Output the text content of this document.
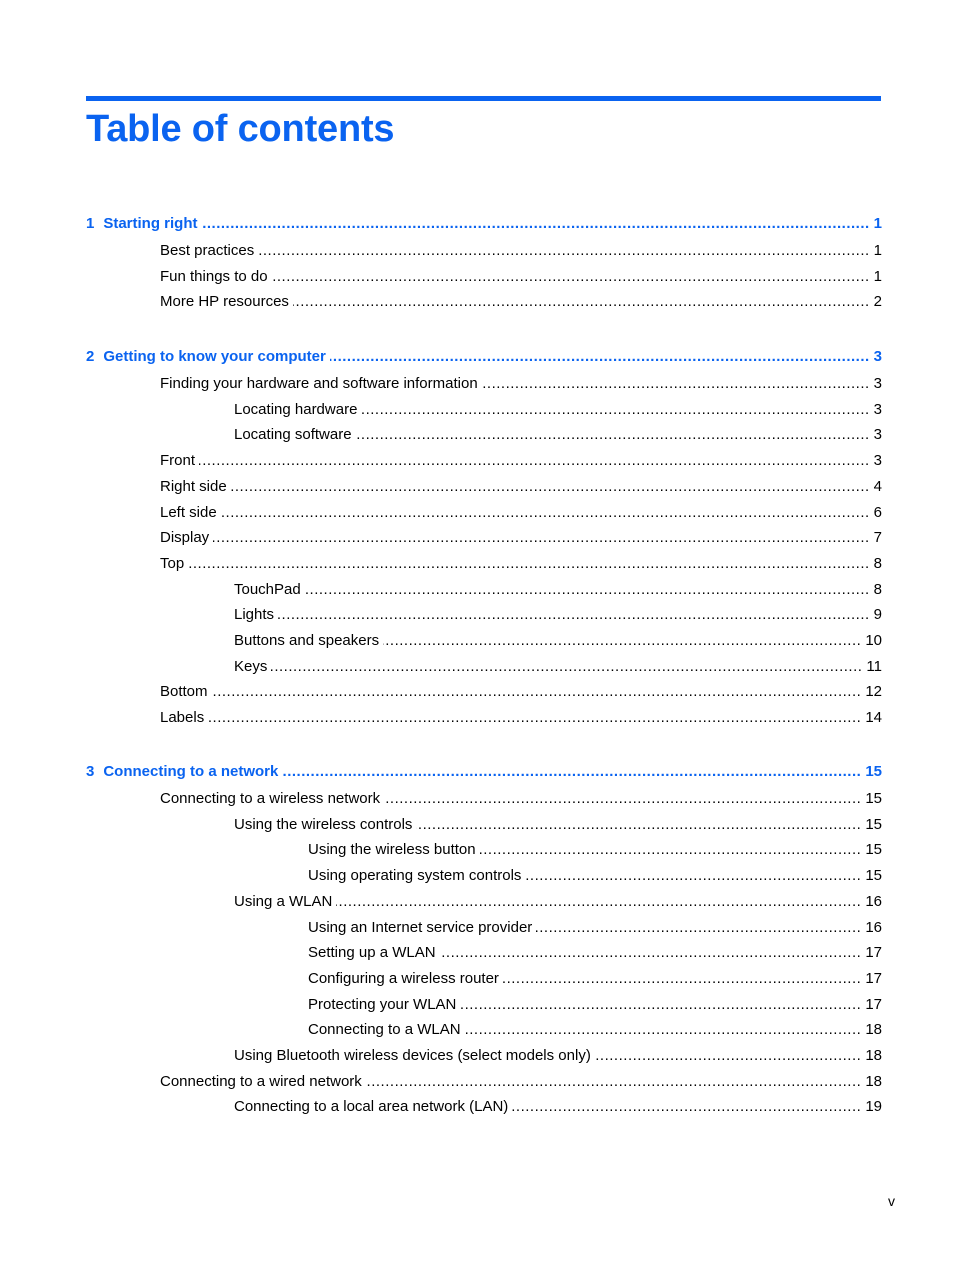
Table of contents
1 Starting right .....	1
Best practices .....	1
Fun things to do .....	1
More HP resources .....	2
2 Getting to know your computer .....	3
Finding your hardware and software information .....	3
Locating hardware .....	3
Locating software .....	3
Front .....	3
Right side .....	4
Left side .....	6
Display .....	7
Top .....	8
TouchPad .....	8
Lights .....	9
Buttons and speakers .....	10
Keys .....	11
Bottom .....	12
Labels .....	14
3 Connecting to a network .....	15
Connecting to a wireless network .....	15
Using the wireless controls .....	15
Using the wireless button .....	15
Using operating system controls .....	15
Using a WLAN .....	16
Using an Internet service provider .....	16
Setting up a WLAN .....	17
Configuring a wireless router .....	17
Protecting your WLAN .....	17
Connecting to a WLAN .....	18
Using Bluetooth wireless devices (select models only) .....	18
Connecting to a wired network .....	18
Connecting to a local area network (LAN) .....	19
v
